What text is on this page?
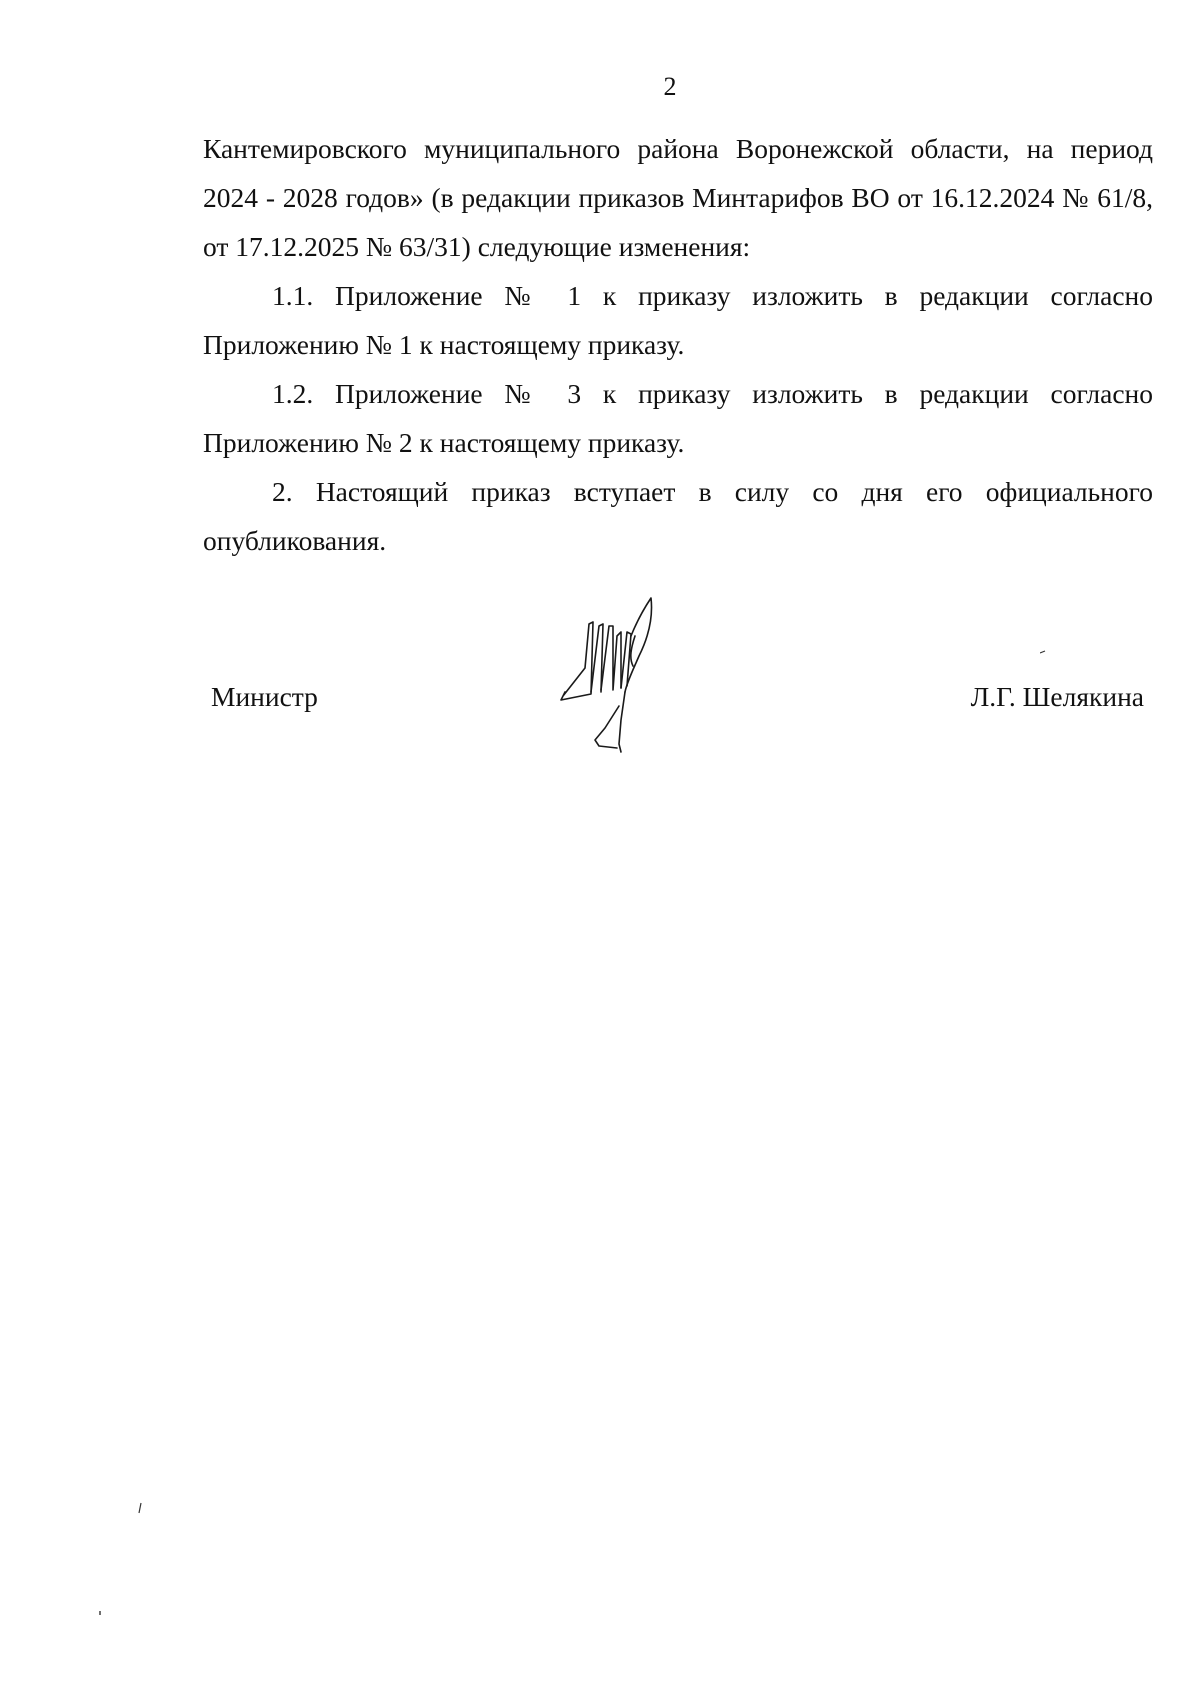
2

Кантемировского муниципального района Воронежской области, на период 2024 - 2028 годов» (в редакции приказов Минтарифов ВО от 16.12.2024 № 61/8, от 17.12.2025 № 63/31) следующие изменения:

1.1. Приложение № 1 к приказу изложить в редакции согласно Приложению № 1 к настоящему приказу.

1.2. Приложение № 3 к приказу изложить в редакции согласно Приложению № 2 к настоящему приказу.

2. Настоящий приказ вступает в силу со дня его официального опубликования.

Министр	Л.Г. Шелякина
